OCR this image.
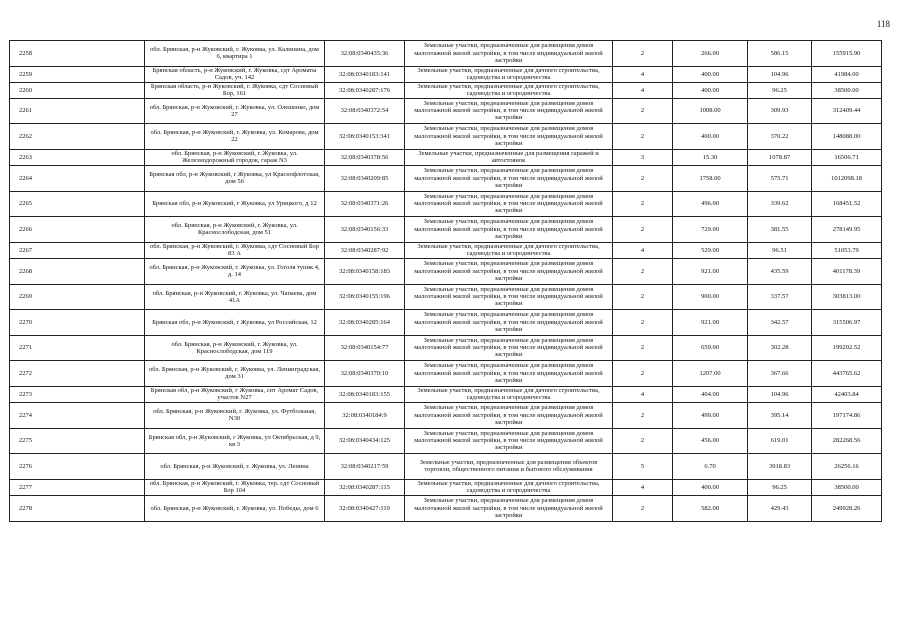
118
2258	обл. Брянская, р-н Жуковский, г. Жуковка, ул. Калинина, дом 6, квартира 1	32:08:0340435:36	Земельные участки, предназначенные для размещения домов малоэтажной жилой застройки, в том числе индивидуальной жилой застройки	2	266.00	586.15	155915.90
2259	Брянская область, р-н Жуковский, г. Жуковка, сдт Ароматы Садов, уч. 142	32:08:0340183:141	Земельные участки, предназначенные для дачного строительства, садоводства и огородничества	4	400.00	104.96	41984.00
2260	Брянская область, р-н Жуковский, г. Жуковка, сдт Сосновый Бор, 161	32:08:0340287:176	Земельные участки, предназначенные для дачного строительства, садоводства и огородничества	4	400.00	96.25	38500.00
2261	обл. Брянская, р-н Жуковский, г. Жуковка, ул. Олешенко, дом 27	32:08:0340372:54	Земельные участки, предназначенные для размещения домов малоэтажной жилой застройки, в том числе индивидуальной жилой застройки	2	1008.00	309.93	312409.44
2262	обл. Брянская, р-н Жуковский, г. Жуковка, ул. Комарова, дом 22	32:08:0340153:341	Земельные участки, предназначенные для размещения домов малоэтажной жилой застройки, в том числе индивидуальной жилой застройки	2	400.00	370.22	148088.00
2263	обл. Брянская, р-н Жуковский, г. Жуковка, ул. Железнодорожный городок, гараж N3	32:08:0340378:56	Земельные участки, предназначенные для размещения гаражей и автостоянок	3	15.30	1078.87	16506.71
2264	Брянская обл, р-н Жуковский, г Жуковка, ул Краснофлотская, дом 56	32:08:0340209:85	Земельные участки, предназначенные для размещения домов малоэтажной жилой застройки, в том числе индивидуальной жилой застройки	2	1758.00	575.71	1012098.18
2265	Брянская обл, р-н Жуковский, г Жуковка, ул Урицкого, д 12	32:08:0340371:26	Земельные участки, предназначенные для размещения домов малоэтажной жилой застройки, в том числе индивидуальной жилой застройки	2	496.00	339.62	168451.52
2266	обл. Брянская, р-н Жуковский, г. Жуковка, ул. Краснослободская, дом 51	32:08:0340156:33	Земельные участки, предназначенные для размещения домов малоэтажной жилой застройки, в том числе индивидуальной жилой застройки	2	729.00	381.55	278149.95
2267	обл. Брянская, р-н Жуковский, г. Жуковка, сдт Сосновый Бор 83 А	32:08:0340287:92	Земельные участки, предназначенные для дачного строительства, садоводства и огородничества	4	529.00	96.51	51053.79
2268	обл. Брянская, р-н Жуковский, г. Жуковка, ул. Гоголя тупик 4, д. 14	32:08:0340158:183	Земельные участки, предназначенные для размещения домов малоэтажной жилой застройки, в том числе индивидуальной жилой застройки	2	921.00	435.59	401178.39
2269	обл. Брянская, р-н Жуковский, г. Жуковка, ул. Чапаева, дом 41А	32:08:0340155:196	Земельные участки, предназначенные для размещения домов малоэтажной жилой застройки, в том числе индивидуальной жилой застройки	2	900.00	337.57	303813.00
2270	Брянская обл, р-н Жуковский, г Жуковка, ул Российская, 12	32:08:0340285:164	Земельные участки, предназначенные для размещения домов малоэтажной жилой застройки, в том числе индивидуальной жилой застройки	2	921.00	342.57	315506.97
2271	обл. Брянская, р-н Жуковский, г. Жуковка, ул. Краснослободская, дом 119	32:08:0340154:77	Земельные участки, предназначенные для размещения домов малоэтажной жилой застройки, в том числе индивидуальной жилой застройки	2	659.00	302.28	199202.52
2272	обл. Брянская, р-н Жуковский, г. Жуковка, ул. Ленинградская, дом 31	32:08:0340370:10	Земельные участки, предназначенные для размещения домов малоэтажной жилой застройки, в том числе индивидуальной жилой застройки	2	1207.00	367.66	443765.62
2273	Брянская обл, р-н Жуковский, г Жуковка, снт Аромат Садов, участок N27	32:08:0340183:155	Земельные участки, предназначенные для дачного строительства, садоводства и огородничества	4	404.00	104.96	42403.84
2274	обл. Брянская, р-н Жуковский, г. Жуковка, ул. Футбольная, N30	32:08:0340184:9	Земельные участки, предназначенные для размещения домов малоэтажной жилой застройки, в том числе индивидуальной жилой застройки	2	499.00	395.14	197174.86
2275	Брянская обл, р-н Жуковский, г Жуковка, ул Октябрьская, д 9, кв 3	32:08:0340434:125	Земельные участки, предназначенные для размещения домов малоэтажной жилой застройки, в том числе индивидуальной жилой застройки	2	456.00	619.01	282268.56
2276	обл. Брянская, р-н Жуковский, г. Жуковка, ул. Ленина	32:08:0340217:59	Земельные участки, предназначенные для размещения объектов торговли, общественного питания и бытового обслуживания	5	6.70	3918.83	26256.16
2277	обл. Брянская, р-н Жуковский, г. Жуковка, тер. сдт Сосновый Бор 104	32:08:0340287:115	Земельные участки, предназначенные для дачного строительства, садоводства и огородничества	4	400.00	96.25	38500.00
2278	обл. Брянская, р-н Жуковский, г. Жуковка, ул. Победы, дом 6	32:08:0340427:119	Земельные участки, предназначенные для размещения домов малоэтажной жилой застройки, в том числе индивидуальной жилой застройки	2	582.00	429.43	249928.26
